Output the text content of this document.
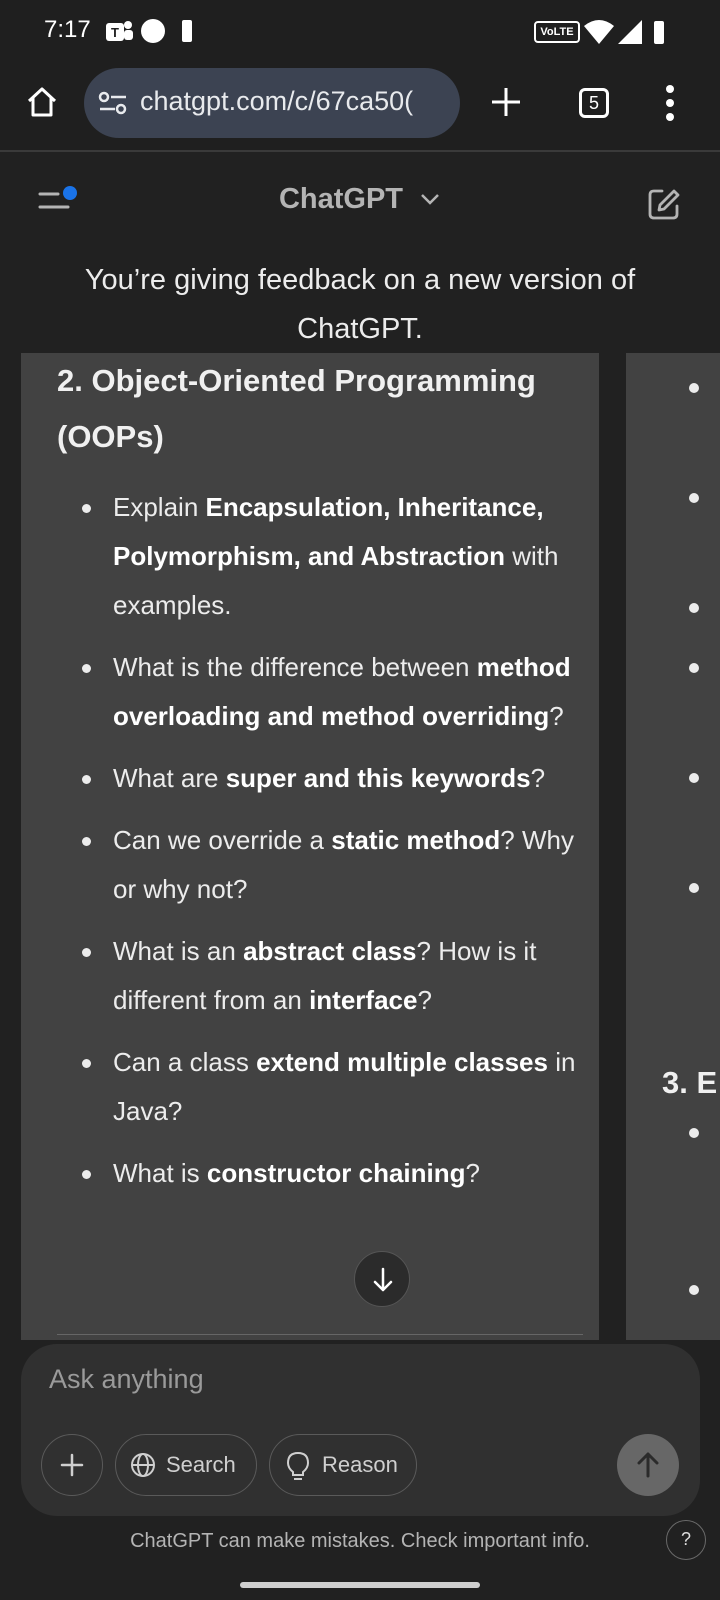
7:17 T	VoLTE
chatgpt.com/c/67ca50(	5
ChatGPT
You’re giving feedback on a new version of ChatGPT.
2. Object-Oriented Programming (OOPs)
Explain Encapsulation, Inheritance, Polymorphism, and Abstraction with examples.
What is the difference between method overloading and method overriding?
What are super and this keywords?
Can we override a static method? Why or why not?
What is an abstract class? How is it different from an interface?
Can a class extend multiple classes in Java?
What is constructor chaining?
3. E
Ask anything
Search	Reason
ChatGPT can make mistakes. Check important info.	?
